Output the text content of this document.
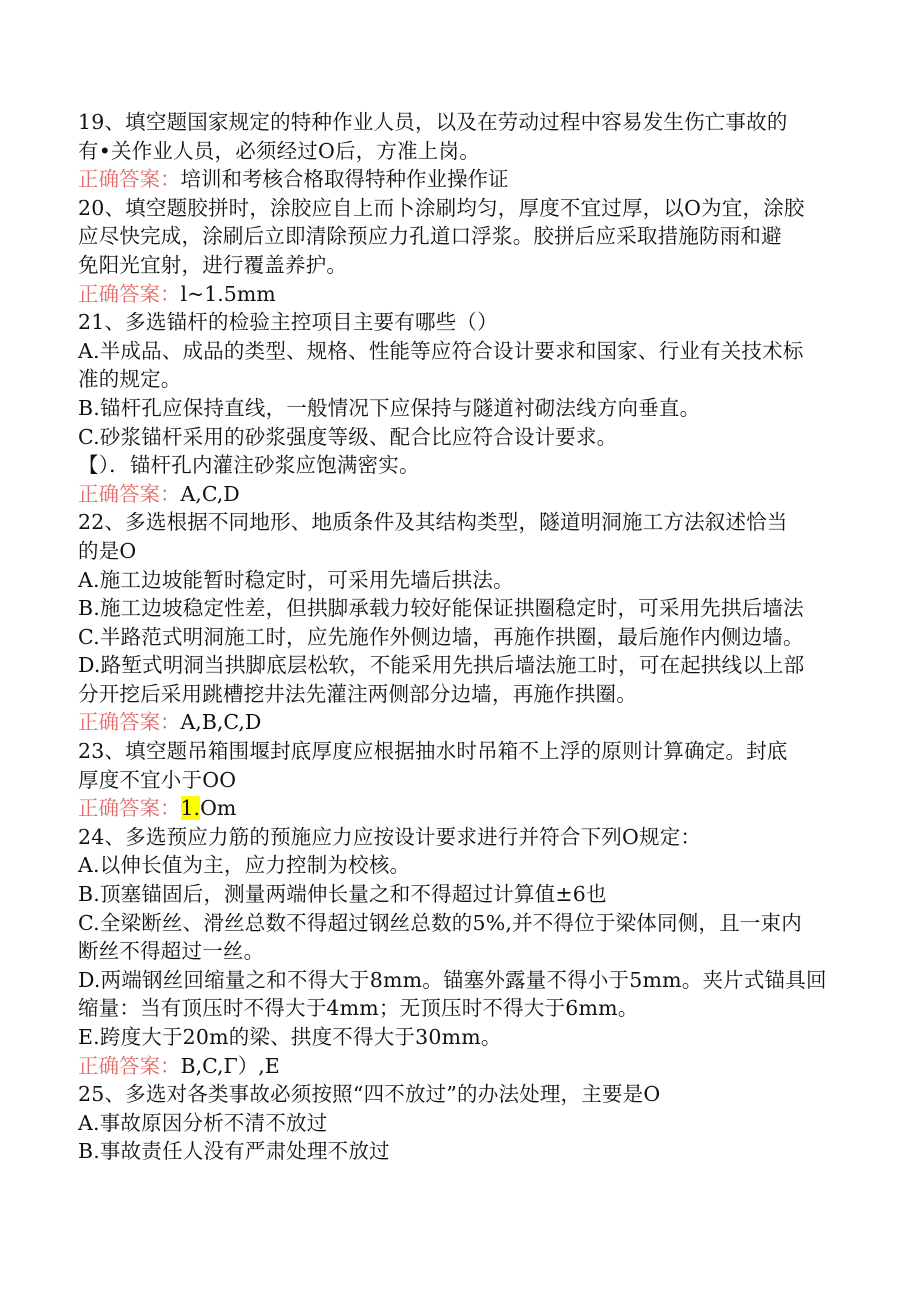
19、填空题国家规定的特种作业人员，以及在劳动过程中容易发生伤亡事故的
有•关作业人员，必须经过O后，方准上岗。
正确答案：培训和考核合格取得特种作业操作证
20、填空题胶拼时，涂胶应自上而卜涂刷均匀，厚度不宜过厚，以O为宜，涂胶
应尽快完成，涂刷后立即清除预应力孔道口浮浆。胶拼后应采取措施防雨和避
免阳光宜射，进行覆盖养护。
正确答案：l~1.5mm
21、多选锚杆的检验主控项目主要有哪些（）
A.半成品、成品的类型、规格、性能等应符合设计要求和国家、行业有关技术标
准的规定。
B.锚杆孔应保持直线，一般情况下应保持与隧道衬砌法线方向垂直。
C.砂浆锚杆采用的砂浆强度等级、配合比应符合设计要求。
【）．锚杆孔内灌注砂浆应饱满密实。
正确答案：A,C,D
22、多选根据不同地形、地质条件及其结构类型，隧道明洞施工方法叙述恰当
的是O
A.施工边坡能暂时稳定时，可采用先墙后拱法。
B.施工边坡稳定性差，但拱脚承载力较好能保证拱圈稳定时，可采用先拱后墙法
C.半路范式明洞施工时，应先施作外侧边墙，再施作拱圈，最后施作内侧边墙。
D.路堑式明洞当拱脚底层松软，不能采用先拱后墙法施工时，可在起拱线以上部
分开挖后采用跳槽挖井法先灌注两侧部分边墙，再施作拱圈。
正确答案：A,B,C,D
23、填空题吊箱围堰封底厚度应根据抽水时吊箱不上浮的原则计算确定。封底
厚度不宜小于OO
正确答案：1.Om
24、多选预应力筋的预施应力应按设计要求进行并符合下列O规定：
A.以伸长值为主，应力控制为校核。
B.顶塞锚固后，测量两端伸长量之和不得超过计算值±6也
C.全梁断丝、滑丝总数不得超过钢丝总数的5%,并不得位于梁体同侧，且一束内
断丝不得超过一丝。
D.两端钢丝回缩量之和不得大于8mm。锚塞外露量不得小于5mm。夹片式锚具回
缩量：当有顶压时不得大于4mm；无顶压时不得大于6mm。
E.跨度大于20m的梁、拱度不得大于30mm。
正确答案：B,C,Γ）,E
25、多选对各类事故必须按照“四不放过”的办法处理，主要是O
A.事故原因分析不清不放过
B.事故责任人没有严肃处理不放过
